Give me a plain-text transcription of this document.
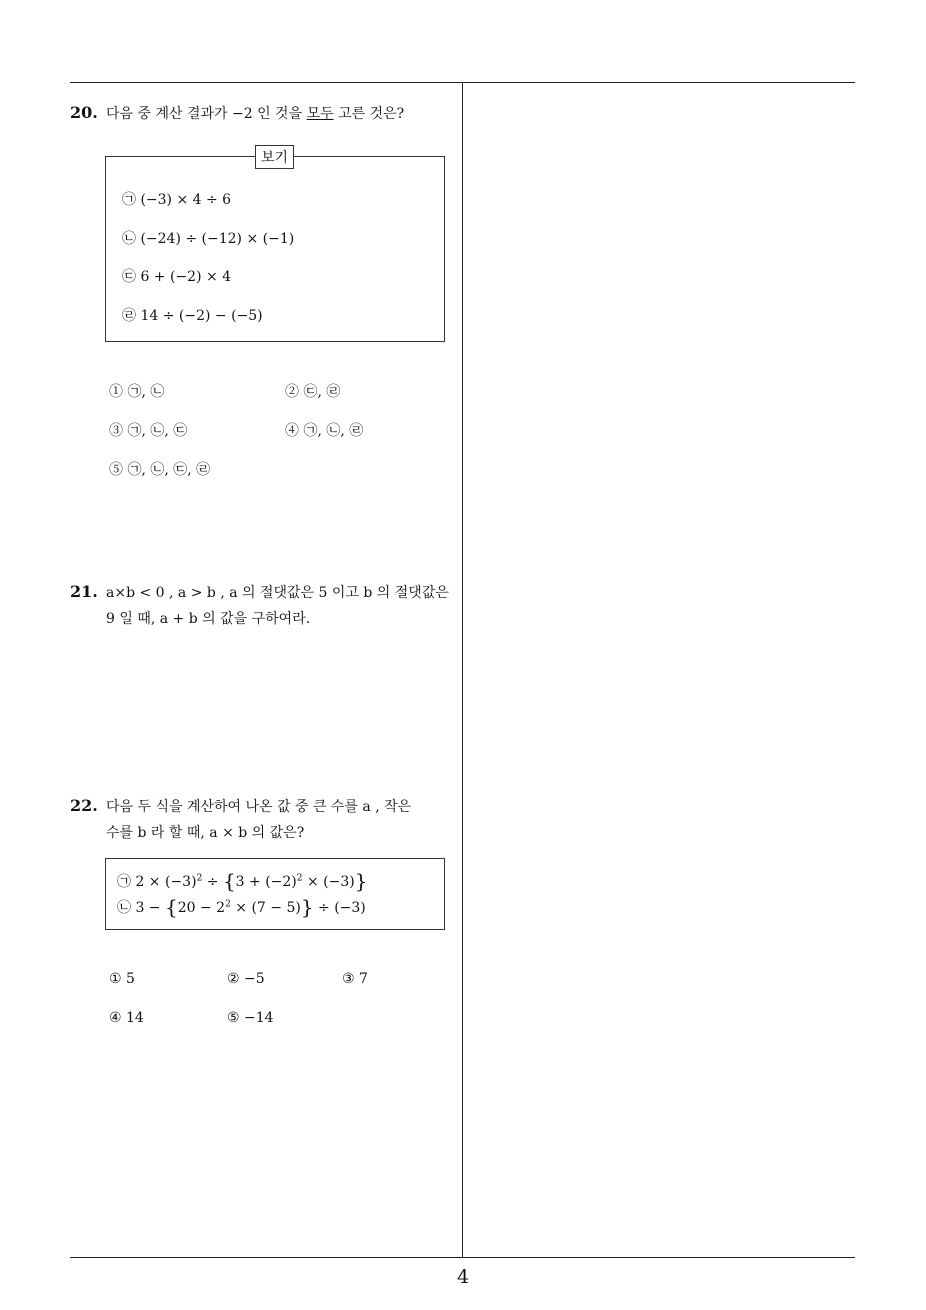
20. 다음 중 계산 결과가 −2 인 것을 모두 고른 것은?
보기
㉠ (−3) × 4 ÷ 6
㉡ (−24) ÷ (−12) × (−1)
㉢ 6 + (−2) × 4
㉣ 14 ÷ (−2) − (−5)
① ㉠, ㉡	② ㉢, ㉣
③ ㉠, ㉡, ㉢	④ ㉠, ㉡, ㉣
⑤ ㉠, ㉡, ㉢, ㉣
21. a×b < 0 , a > b , a 의 절댓값은 5 이고 b 의 절댓값은
9 일 때, a + b 의 값을 구하여라.
22. 다음 두 식을 계산하여 나온 값 중 큰 수를 a , 작은
수를 b 라 할 때, a × b 의 값은?
㉠ $2 \times (-3)^2 \div \{3 + (-2)^2 \times (-3)\}$
㉡ $3 - \{20 - 2^2 \times (7 - 5)\} \div (-3)$
① 5	② −5	③ 7
④ 14	⑤ −14
4
